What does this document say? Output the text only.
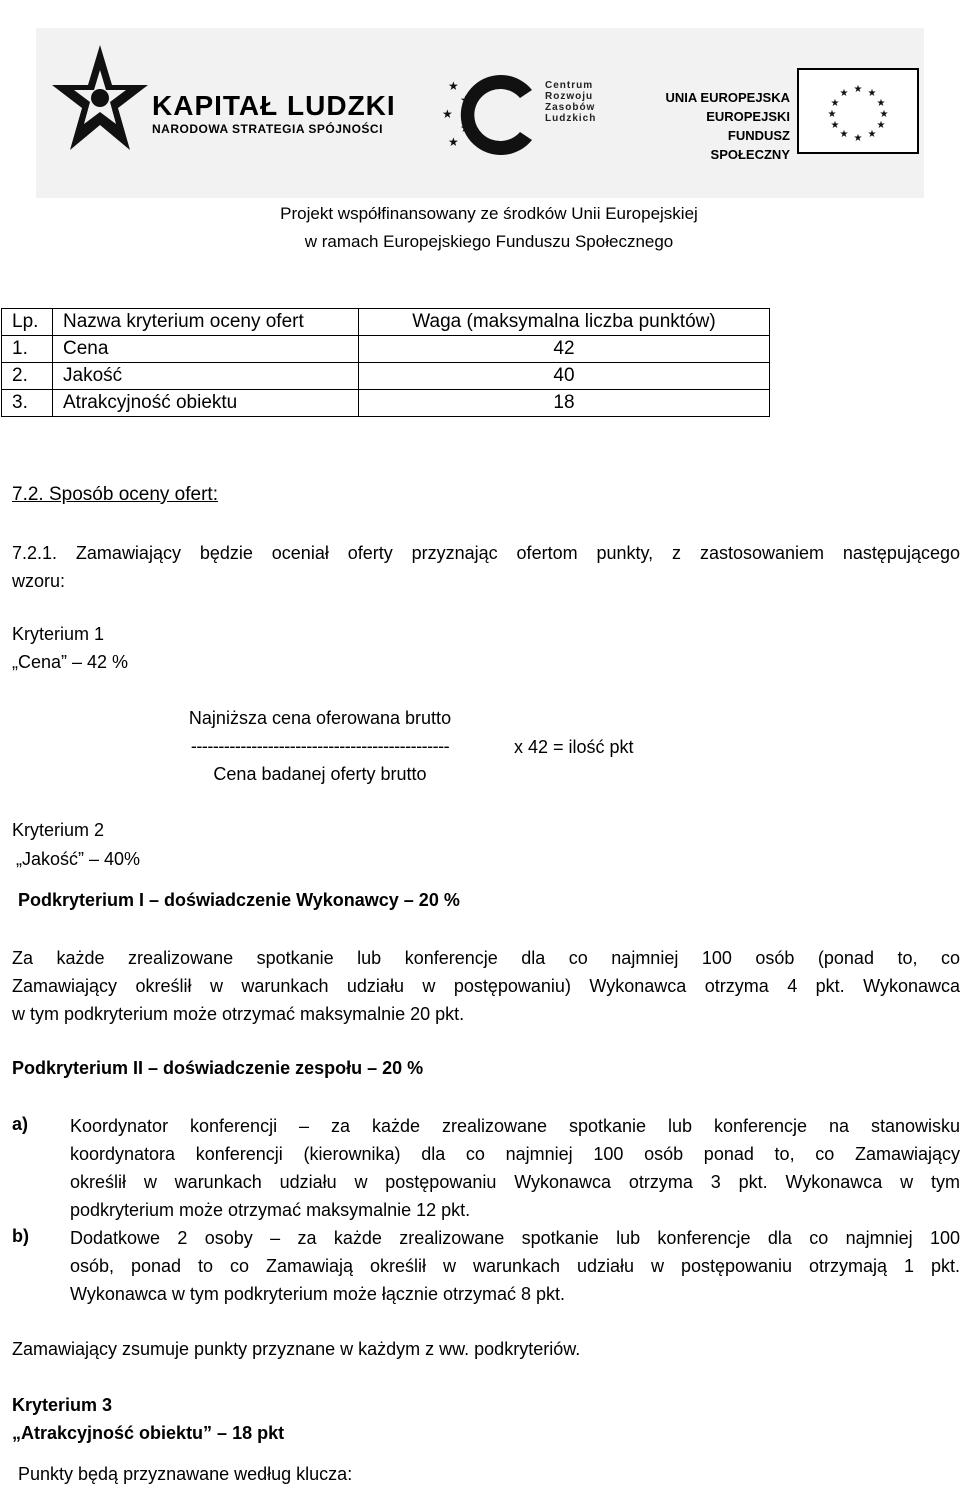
KAPITAŁ LUDZKI
NARODOWA STRATEGIA SPÓJNOŚCI
★
★
★
★
★
Centrum
Rozwoju
Zasobów
Ludzkich
UNIA EUROPEJSKA
EUROPEJSKI
FUNDUSZ SPOŁECZNY
★ ★
★
★
★
★
★
★
★
★
★
★
Projekt współfinansowany ze środków Unii Europejskiej
w ramach Europejskiego Funduszu Społecznego
Lp.	Nazwa kryterium oceny ofert	Waga (maksymalna liczba punktów)
1.	Cena	42
2.	Jakość	40
3.	Atrakcyjność obiektu	18
7.2. Sposób oceny ofert:
7.2.1. Zamawiający będzie oceniał oferty przyznając ofertom punkty, z zastosowaniem następującego
wzoru:
Kryterium 1
„Cena” – 42 %
Najniższa cena oferowana brutto
-----------------------------------------------
Cena badanej oferty brutto
x 42 = ilość pkt
Kryterium 2
„Jakość” – 40%
Podkryterium I – doświadczenie Wykonawcy – 20 %
Za każde zrealizowane spotkanie lub konferencje dla co najmniej 100 osób (ponad to, co
Zamawiający określił w warunkach udziału w postępowaniu) Wykonawca otrzyma 4 pkt. Wykonawca
w tym podkryterium może otrzymać maksymalnie 20 pkt.
Podkryterium II – doświadczenie zespołu – 20 %
a) Koordynator konferencji – za każde zrealizowane spotkanie lub konferencje na stanowisku
koordynatora konferencji (kierownika) dla co najmniej 100 osób ponad to, co Zamawiający
określił w warunkach udziału w postępowaniu Wykonawca otrzyma 3 pkt. Wykonawca w tym
podkryterium może otrzymać maksymalnie 12 pkt.
b) Dodatkowe 2 osoby – za każde zrealizowane spotkanie lub konferencje dla co najmniej 100
osób, ponad to co Zamawiają określił w warunkach udziału w postępowaniu otrzymają 1 pkt.
Wykonawca w tym podkryterium może łącznie otrzymać 8 pkt.
Zamawiający zsumuje punkty przyznane w każdym z ww. podkryteriów.
Kryterium 3
„Atrakcyjność obiektu” – 18 pkt
Punkty będą przyznawane według klucza:
